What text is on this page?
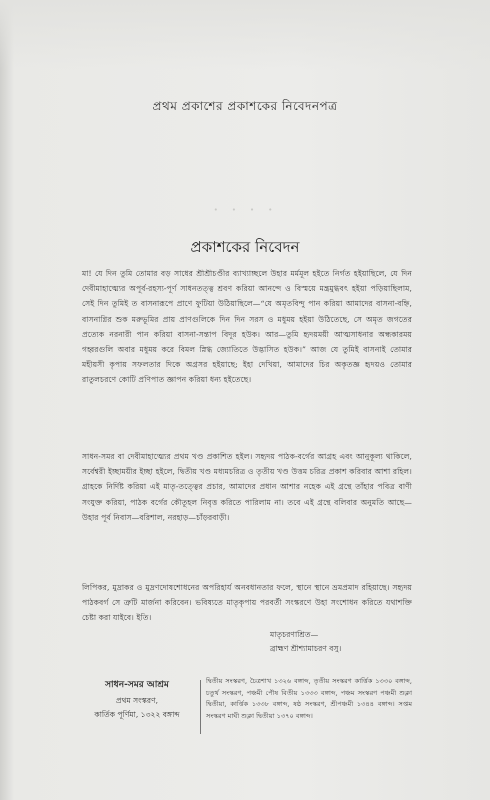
প্রথম প্রকাশের প্রকাশকের নিবেদনপত্র
· · · ·
প্রকাশকের নিবেদন
মা! যে দিন তুমি তোমার বড় সাধের শ্রীশ্রীচণ্ডীর ব্যাখ্যাচ্ছলে উহার মর্মমূল হইতে নির্গত হইয়াছিলে, যে দিন দেবীমাহাত্ম্যের অপূর্ব-রহস্য-পূর্ণ সাধনতত্ত্ব শ্রবণ করিয়া আনন্দে ও বিস্ময়ে মন্ত্রমুগ্ধবৎ হইয়া পড়িয়াছিলাম, সেই দিন তুমিই ত বাসনারূপে প্রাণে ফুটিয়া উঠিয়াছিলে—“যে অমৃতবিন্দু পান করিয়া আমাদের বাসনা-বহ্নি, বাসনাগ্নির শুক মরুভূমির প্রায় প্রাণগুলিকে দিন দিন সরস ও মধুময় হইয়া উঠিতেছে, সে অমৃত জগতের প্রত্যেক নরনারী পান করিয়া বাসনা-সন্তাপ বিদূর হউক। আর—তুমি হৃদয়ময়ী আত্মসাধনার অন্ধকারময় গহ্বরগুলি অবার মধুময় করে বিমল স্নিগ্ধ জ্যোতিতে উদ্ভাসিত হউক।” আজ যে তুমিই বাসনাই তোমার মহীয়সী কৃপায় সফলতার দিকে অগ্রসর হইয়াছে; ইহা দেখিয়া, আমাদের চির অকৃতজ্ঞ হৃদয়ও তোমার রাতুলচরণে কোটি প্রণিপাত জ্ঞাপন করিয়া ধন্য হইতেছে।
সাধন-সমর বা দেবীমাহাত্ম্যের প্রথম খণ্ড প্রকাশিত হইল। সহৃদয় পাঠক-বর্গের আগ্রহ এবং আনুকূল্য থাকিলে, সর্বেশ্বরী ইচ্ছাময়ীর ইচ্ছা হইলে, দ্বিতীয় খণ্ড মধ্যমচরিত্র ও তৃতীয় খণ্ড উত্তম চরিত্র প্রকাশ করিবার আশা রহিল। গ্রাহকে নির্দিষ্ট করিয়া এই মাতৃ-তত্ত্বের প্রচার, আমাদের প্রধান আশার নহেক এই গ্রন্থে তাঁহার পবিত্র বাণী সংযুক্ত করিয়া, পাঠক বর্গের কৌতূহল নিবৃত্ত করিতে পারিলাম না। তবে এই গ্রন্থে বলিবার অনুমতি আছে—উহার পূর্ব নিবাস—বরিশাল, নরহাড়—চাঁড়রবাড়ী।
লিপিকর, মুদ্রাকর ও মুদ্রণদোষশোধনের অপরিহার্য অনবধানতার ফলে, স্থানে স্থানে ভ্রমপ্রমাদ রহিয়াছে। সহৃদয় পাঠকবর্গ সে ত্রুটি মার্জনা করিবেন। ভবিষ্যতে মাতৃকৃপায় পরবর্তী সংস্করণে উহা সংশোধন করিতে যথাশক্তি চেষ্টা করা যাইবে। ইতি।
মাতৃচরণাশ্রিত—
ব্রাহ্মণ শ্রীশ্যামাচরণ বসু।
সাধন-সমর আশ্রম
প্রথম সংস্করণ,
কার্তিক পূর্ণিমা, ১৩২২ বঙ্গাব্দ
দ্বিতীয় সংস্করণ, চৈত্রশাখ ১৩২৬ বঙ্গাব্দ, তৃতীয় সংস্করণ কার্ত্তিক ১৩৩০ বঙ্গাব্দ, চতুর্থ সংস্করণ, পঞ্চমী পৌষ বিতীয় ১৩৩৩ বঙ্গাব্দ, পঞ্চম সংস্করণ পঞ্চমী শুক্লা দ্বিতীয়া, কার্ত্তিক ১৩৩৮ বঙ্গাব্দ, ষষ্ঠ সংস্করণ, শ্রীপঞ্চমী ১৩৪৪ বঙ্গাব্দ। সপ্তম সংস্করণ মাঘী শুক্লা দ্বিতীয়া ১৩৭০ বঙ্গাব্দ।
